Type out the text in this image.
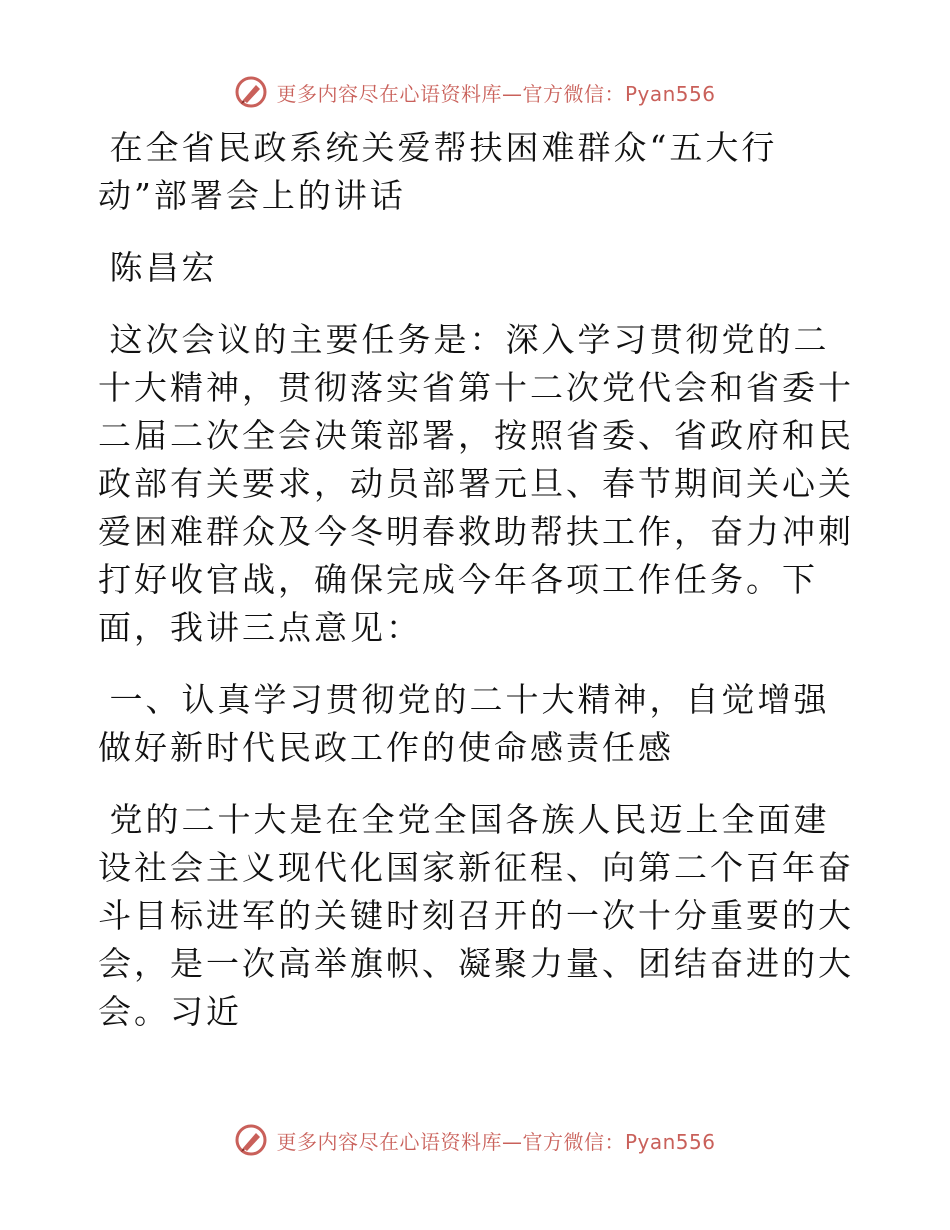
更多内容尽在心语资料库—官方微信：Pyan556

在全省民政系统关爱帮扶困难群众“五大行
动”部署会上的讲话

陈昌宏

这次会议的主要任务是：深入学习贯彻党的二十大精神，贯彻落实省第十二次党代会和省委十二届二次全会决策部署，按照省委、省政府和民政部有关要求，动员部署元旦、春节期间关心关爱困难群众及今冬明春救助帮扶工作，奋力冲刺打好收官战，确保完成今年各项工作任务。下面，我讲三点意见：

一、认真学习贯彻党的二十大精神，自觉增强做好新时代民政工作的使命感责任感

党的二十大是在全党全国各族人民迈上全面建设社会主义现代化国家新征程、向第二个百年奋斗目标进军的关键时刻召开的一次十分重要的大会，是一次高举旗帜、凝聚力量、团结奋进的大会。习近

更多内容尽在心语资料库—官方微信：Pyan556
